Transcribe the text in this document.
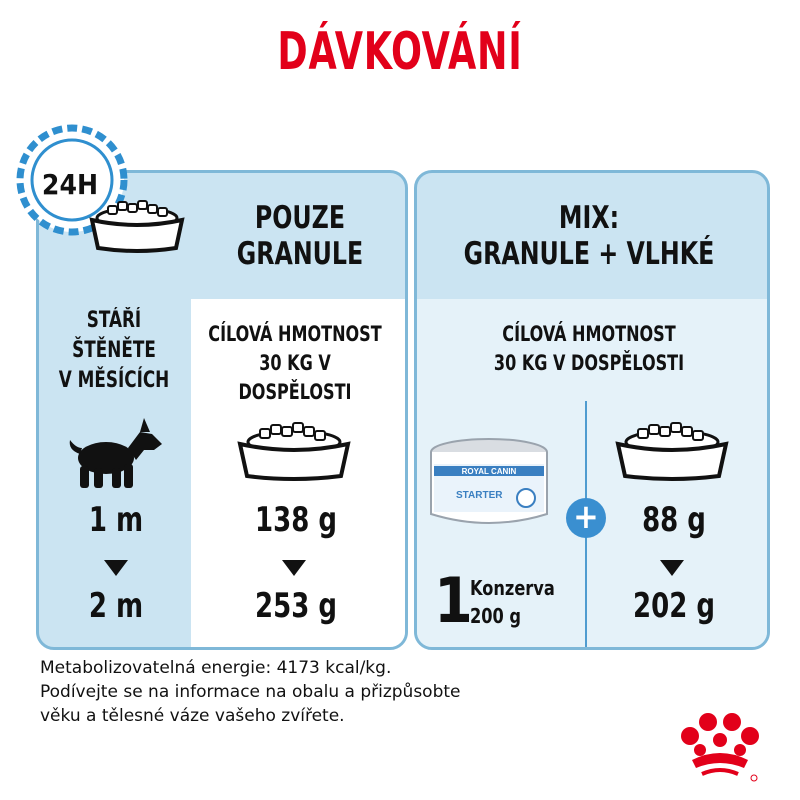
DÁVKOVÁNÍ
24H
POUZE
GRANULE
MIX:
GRANULE + VLHKÉ
STÁŘÍ
ŠTĚNĚTE
V MĚSÍCÍCH
CÍLOVÁ HMOTNOST
30 KG V DOSPĚLOSTI
CÍLOVÁ HMOTNOST
30 KG V DOSPĚLOSTI
ROYAL CANIN
STARTER
+
1 m
2 m
138 g
253 g
88 g
202 g
1
Konzerva
200 g
Metabolizovatelná energie: 4173 kcal/kg.
Podívejte se na informace na obalu a přizpůsobte
věku a tělesné váze vašeho zvířete.
